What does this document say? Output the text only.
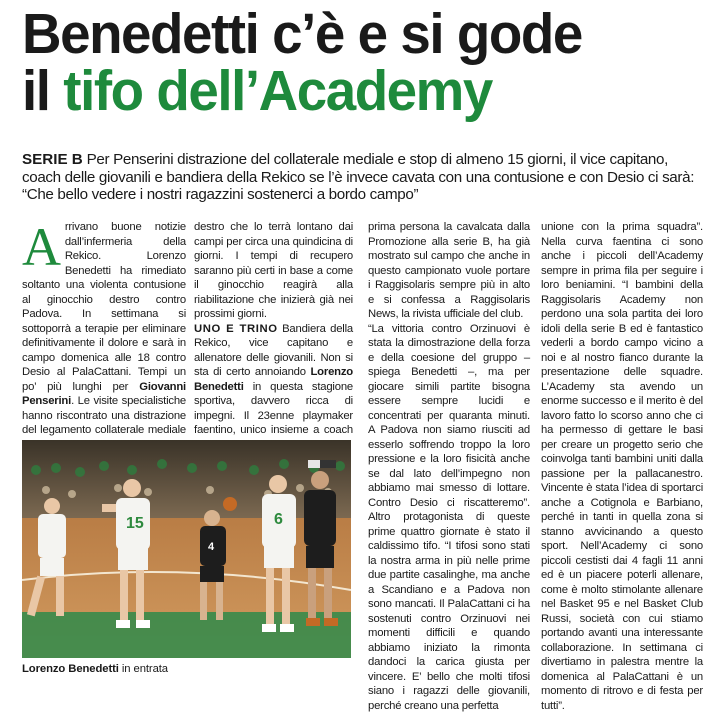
Benedetti c’è e si gode
il tifo dell’Academy

SERIE B Per Penserini distrazione del collaterale mediale e stop di almeno 15 giorni, il vice capitano, coach delle giovanili e bandiera della Rekico se l’è invece cavata con una contusione e con Desio ci sarà: “Che bello vedere i nostri ragazzini sostenerci a bordo campo”

Arrivano buone notizie dall’infermeria della Rekico. Lorenzo Benedetti ha rimediato soltanto una violenta contusione al ginocchio destro contro Padova. In settimana si sottoporrà a terapie per eliminare definitivamente il dolore e sarà in campo domenica alle 18 contro Desio al PalaCattani. Tempi un po’ più lunghi per Giovanni Penserini. Le visite specialistiche hanno riscontrato una distrazione del legamento collaterale mediale

destro che lo terrà lontano dai campi per circa una quindicina di giorni. I tempi di recupero saranno più certi in base a come il ginocchio reagirà alla riabilitazione che inizierà già nei prossimi giorni.

UNO E TRINO Bandiera della Rekico, vice capitano e allenatore delle giovanili. Non si sta di certo annoiando Lorenzo Benedetti in questa stagione sportiva, davvero ricca di impegni. Il 23enne playmaker faentino, unico insieme a coach

prima persona la cavalcata dalla Promozione alla serie B, ha già mostrato sul campo che anche in questo campionato vuole portare i Raggisolaris sempre più in alto e si confessa a Raggisolaris News, la rivista ufficiale del club.

“La vittoria contro Orzinuovi è stata la dimostrazione della forza e della coesione del gruppo – spiega Benedetti –, ma per giocare simili partite bisogna essere sempre lucidi e concentrati per quaranta minuti. A Padova non siamo riusciti ad esserlo soffrendo troppo la loro pressione e la loro fisicità anche se dal lato dell’impegno non abbiamo mai smesso di lottare. Contro Desio ci riscatteremo”. Altro protagonista di queste prime quattro giornate è stato il caldissimo tifo. “I tifosi sono stati la nostra arma in più nelle prime due partite casalinghe, ma anche a Scandiano e a Padova non sono mancati. Il PalaCattani ci ha sostenuti contro Orzinuovi nei momenti difficili e quando abbiamo iniziato la rimonta dandoci la carica giusta per vincere. E’ bello che molti tifosi siano i ragazzi delle giovanili, perché creano una perfetta

unione con la prima squadra”. Nella curva faentina ci sono anche i piccoli dell’Academy sempre in prima fila per seguire i loro beniamini. “I bambini della Raggisolaris Academy non perdono una sola partita dei loro idoli della serie B ed è fantastico vederli a bordo campo vicino a noi e al nostro fianco durante la presentazione delle squadre. L’Academy sta avendo un enorme successo e il merito è del lavoro fatto lo scorso anno che ci ha permesso di gettare le basi per creare un progetto serio che coinvolga tanti bambini uniti dalla passione per la pallacanestro. Vincente è stata l’idea di sportarci anche a Cotignola e Barbiano, perché in tanti in quella zona si stanno avvicinando a questo sport. Nell’Academy ci sono piccoli cestisti dai 4 fagli 11 anni ed è un piacere poterli allenare, come è molto stimolante allenare nel Basket 95 e nel Basket Club Russi, società con cui stiamo portando avanti una interessante collaborazione. In settimana ci divertiamo in palestra mentre la domenica al PalaCattani è un momento di ritrovo e di festa per tutti”.

15
4
6
Lorenzo Benedetti in entrata
